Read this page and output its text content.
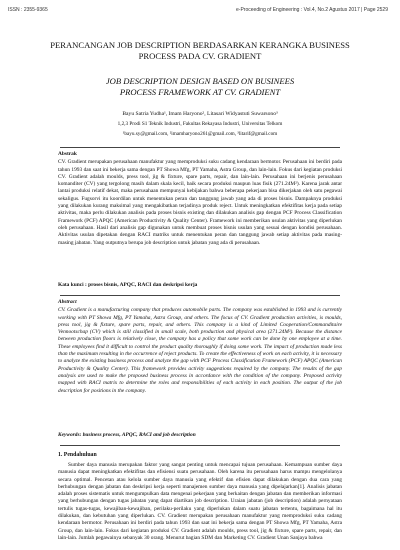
ISSN : 2355-9365	e-Proceeding of Engineering : Vol.4, No.2 Agustus 2017 | Page 2529

PERANCANGAN JOB DESCRIPTION BERDASARKAN KERANGKA BUSINESS

PROCESS PADA CV. GRADIENT

JOB DESCRIPTION DESIGN BASED ON BUSINEES

PROCESS FRAMEWORK AT CV. GRADIENT

Bayu Satria Yudha¹, Imam Haryono², Litasari Widyastuti Suwarsono³
1,2,3 Prodi S1 Teknik Industri, Fakultas Rekayasa Industri, Universitas Telkom
¹bayu.sy@gmail.com, ²imamharyono261@gmail.com, ³litarif@gmail.com
Abstrak

CV. Gradient merupakan perusahaan manufaktur yang memproduksi suku cadang kendaraan bermotor. Perusahaan ini berdiri pada tahun 1993 dan saat ini bekerja sama dengan PT Showa Mfg, PT Yamaha, Astra Group, dan lain-lain. Fokus dari kegiatan produksi CV. Gradient adalah moulds, press tool, jig & fixture, spare parts, repair, dan lain-lain. Perusahaan ini berjenis perusahaan komanditer (CV) yang tergolong masih dalam skala kecil, baik secara produksi maupun luas fisik (271.24M²). Karena jarak antar lantai produksi relatif dekat, maka perusahaan mempunyai kebijakan bahwa beberapa pekerjaan bisa dikerjakan oleh satu pegawai sekaligus. Fugsorvi itu koordilan untuk menentukan peran dan tanggung jawab yang ada di proses bisnis. Dampaknya produksi yang dilakukan kurang maksimal yang mengakibatkan terjadinya produk reject. Untuk meningkatkan efektifitas kerja pada setiap aktivitas, maka perlu dilakukan analisis pada proses bisnis existing dan dilakukan analisis gap dengan PCF Process Classification Framework (PCF) APQC (American Productivity & Quality Center). Framework ini memberikan usulan aktivitas yang diperlukan oleh perusahaan. Hasil dari analisis gap digunakan untuk membuat proses bisnis usulan yang sesuai dengan kondisi perusahaan. Aktivitas usulan dipetakan dengan RACI matriks untuk menentukan peran dan tanggung jawab setiap aktivitas pada masing-masing jabatan. Yang outputnya berupa job description untuk jabatan yang ada di perusahaan.

Kata kunci : proses bisnis, APQC, RACI dan deskripsi kerja
Abstract

CV. Gradient is a manufacturing company that produces automobile parts. The company was established in 1993 and is currently working with PT Showa Mfg, PT Yamaha, Astra Group, and others. The focus of CV. Gradient production activities, is moulds, press tool, jig & fixture, spare parts, repair, and others. This company is a kind of Limited Cooperation/Commanditaire Vennootschap (CV) which is still classified in small scale, both production and physical area (271.24M²). Because the distance between production floors is relatively close, the company has a policy that some work can be done by one employee at a time. These employees find it difficult to control the product quality thoroughly if doing some work. The impact of production made less than the maximum resulting in the occurrence of reject products. To create the effectiveness of work on each activity, it is necessary to analyze the existing business process and analyze the gap with PCF Process Classification Framework (PCF) APQC (American Productivity & Quality Center). This framework provides activity suggestions required by the company. The results of the gap analysis are used to make the proposed business process in accordance with the condition of the company. Proposed activity mapped with RACI matrix to determine the roles and responsibilities of each activity in each position. The output of the job description for positions in the company.

Keywords: business process, APQC, RACI and job description
1. Pendahuluan

Sumber daya manusia merupakan faktor yang sangat penting untuk mencapai tujuan perusahaan. Kemampuan sumber daya manusia dapat meningkatkan efektifitas dan efisiensi suatu perusahaan. Oleh karena itu perusahaan harus mampu mengelolanya secara optimal. Pencetan atau kelola sumber daya manusia yang efektif dan efisien dapat dilakukan dengan dua cara yang berhubungan dengan jabatan dan deskripsi kerja seperti manajemen sumber daya manusia yang dipelajarkan[1]. Analisis jabatan adalah proses sistematis untuk mengumpulkan data mengenai pekerjaan yang berkaitan dengan jabatan dan memberikan informasi yang berhubungan dengan tugas jabatan yang dapat diartikan job description. Uraian jabatan (job description) adalah pernyataan tertulis tugas-tugas, kewajiban-kewajiban, perilaku-perilaku yang diperlukan dalam suatu jabatan tertentu, bagaimana hal itu dilakukan, dan kebutuhan yang diperlukan. CV. Gradient merupakan perusahaan manufaktur yang memproduksi suku cadang kendaraan bermotor. Perusahaan ini berdiri pada tahun 1993 dan saat ini bekerja sama dengan PT Showa Mfg, PT Yamaha, Astra Group, dan lain-lain. Fokus dari kegiatan produksi CV. Gradient adalah moulds, press tool, jig & fixture, spare parts, repair, dan lain-lain. Jumlah pegawainya sebanyak 30 orang. Menurut bagian SDM dan Marketing CV. Gradient Unan Sanjaya bahwa
